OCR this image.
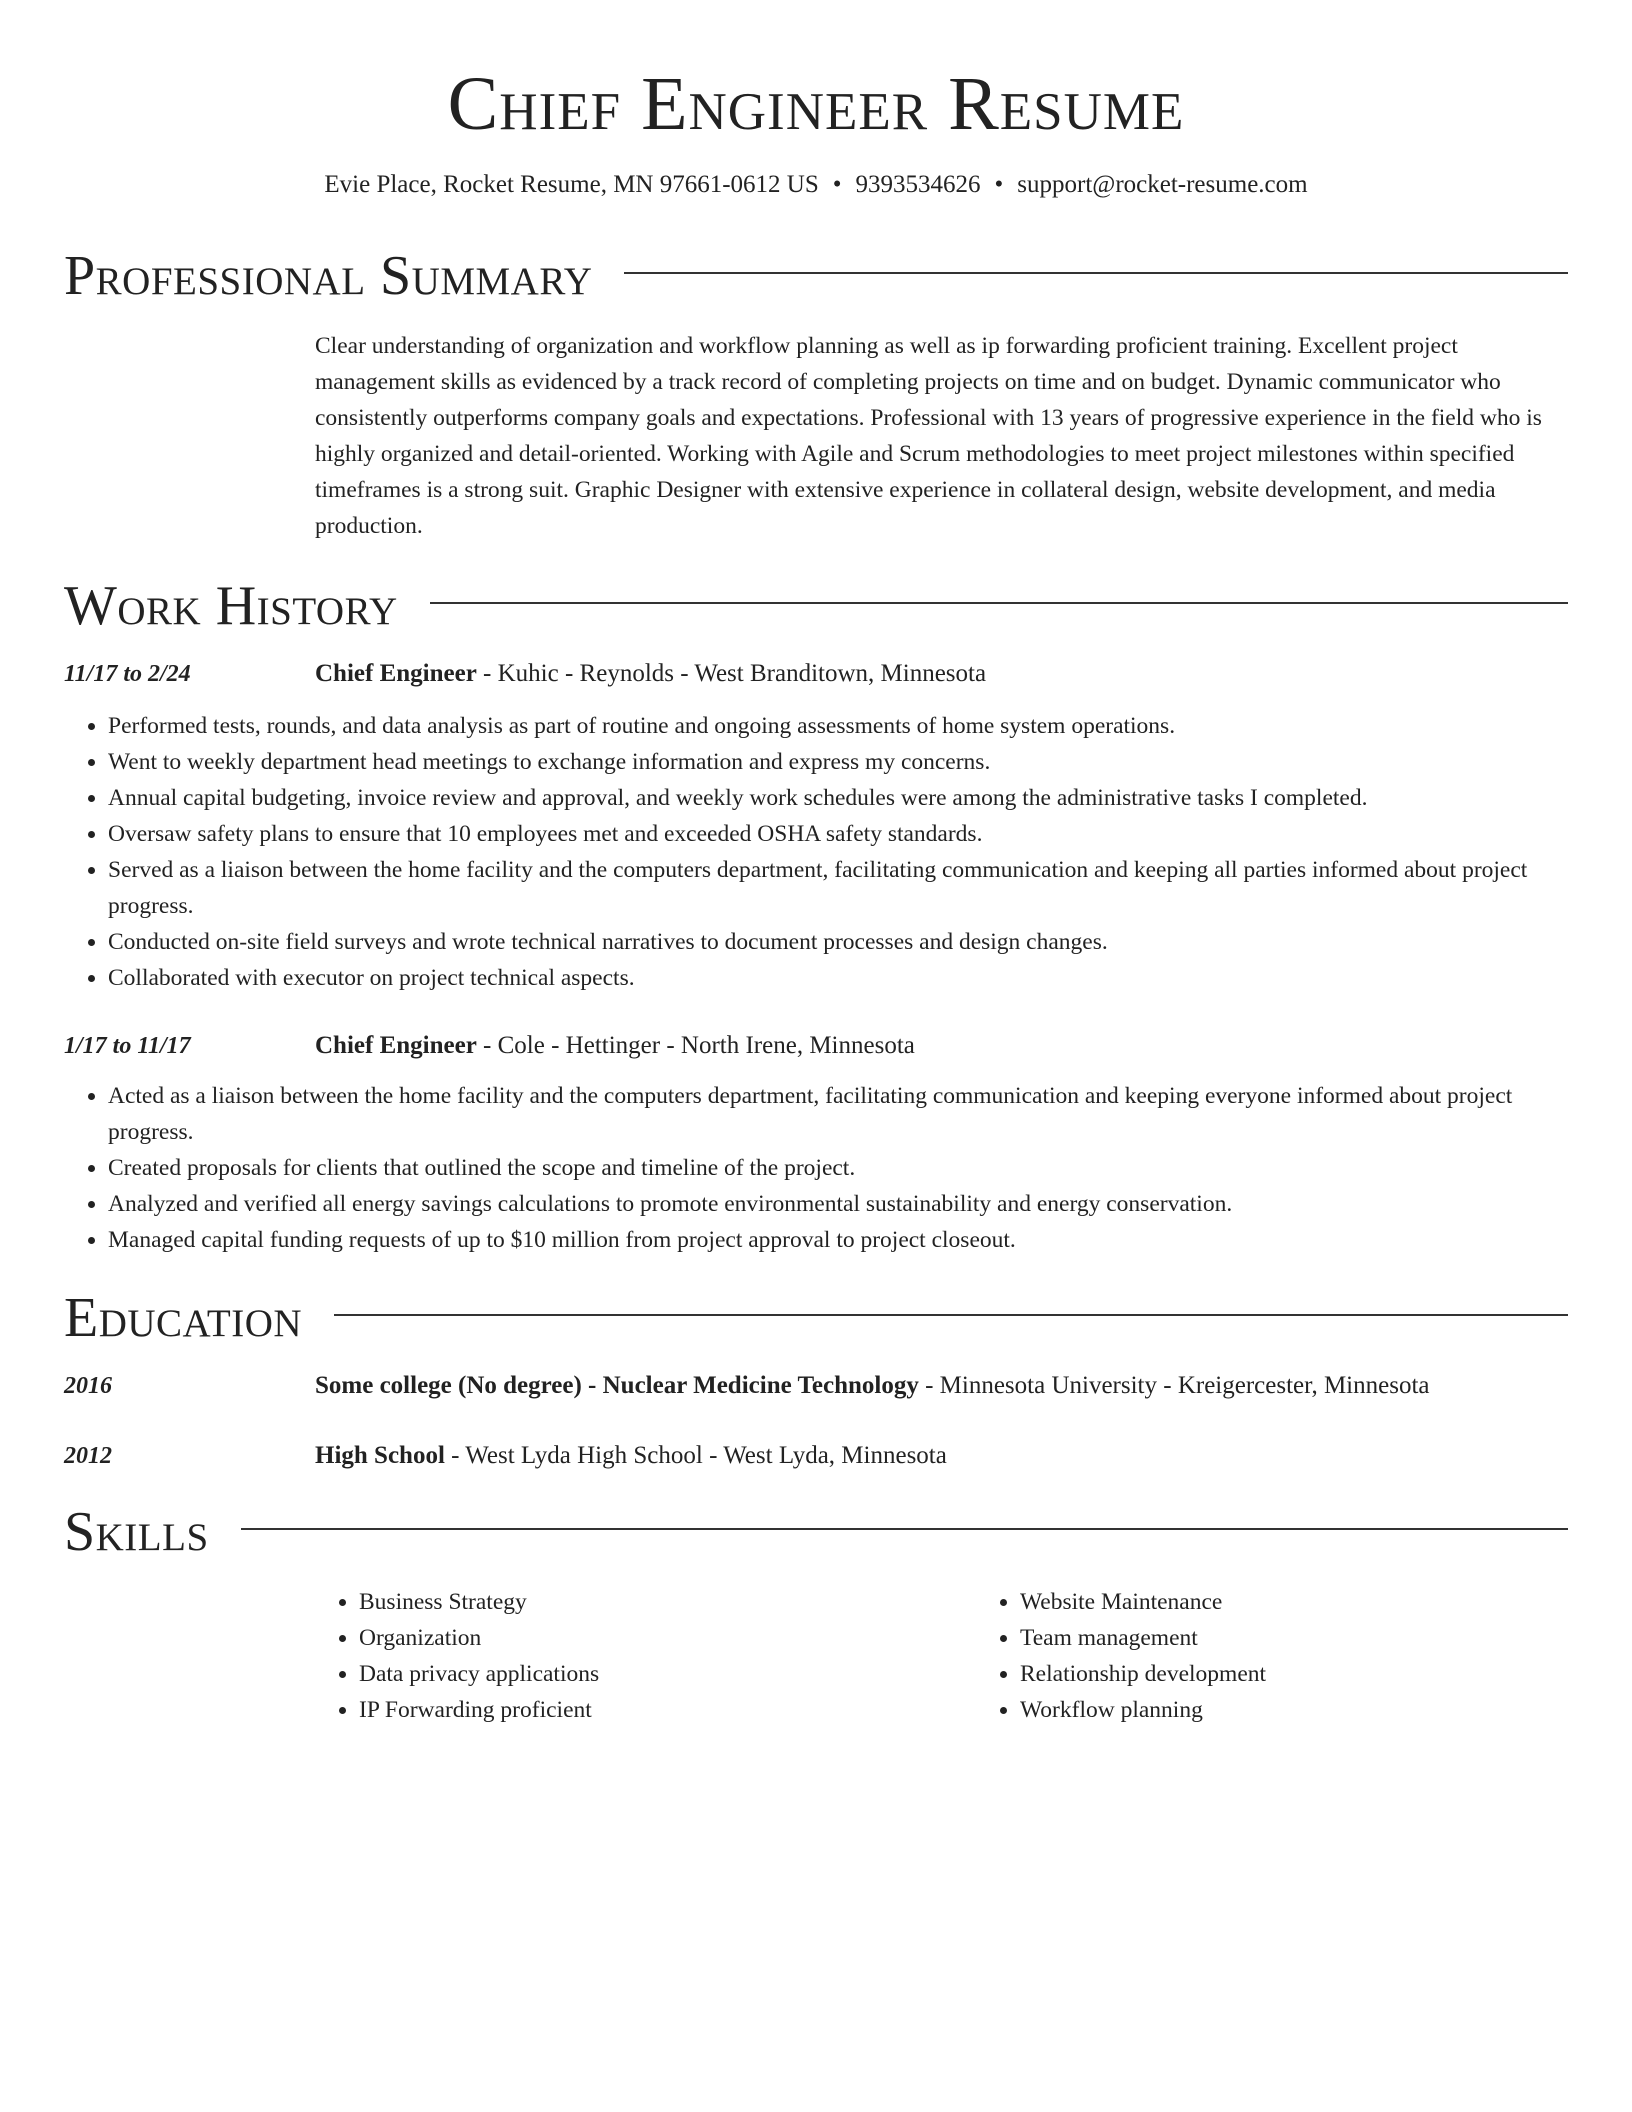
Chief Engineer Resume
Evie Place, Rocket Resume, MN 97661-0612 US • 9393534626 • support@rocket-resume.com
Professional Summary
Clear understanding of organization and workflow planning as well as ip forwarding proficient training. Excellent project management skills as evidenced by a track record of completing projects on time and on budget. Dynamic communicator who consistently outperforms company goals and expectations. Professional with 13 years of progressive experience in the field who is highly organized and detail-oriented. Working with Agile and Scrum methodologies to meet project milestones within specified timeframes is a strong suit. Graphic Designer with extensive experience in collateral design, website development, and media production.
Work History
11/17 to 2/24	Chief Engineer - Kuhic - Reynolds - West Branditown, Minnesota
• Performed tests, rounds, and data analysis as part of routine and ongoing assessments of home system operations.
• Went to weekly department head meetings to exchange information and express my concerns.
• Annual capital budgeting, invoice review and approval, and weekly work schedules were among the administrative tasks I completed.
• Oversaw safety plans to ensure that 10 employees met and exceeded OSHA safety standards.
• Served as a liaison between the home facility and the computers department, facilitating communication and keeping all parties informed about project progress.
• Conducted on-site field surveys and wrote technical narratives to document processes and design changes.
• Collaborated with executor on project technical aspects.
1/17 to 11/17	Chief Engineer - Cole - Hettinger - North Irene, Minnesota
• Acted as a liaison between the home facility and the computers department, facilitating communication and keeping everyone informed about project progress.
• Created proposals for clients that outlined the scope and timeline of the project.
• Analyzed and verified all energy savings calculations to promote environmental sustainability and energy conservation.
• Managed capital funding requests of up to $10 million from project approval to project closeout.
Education
2016	Some college (No degree) - Nuclear Medicine Technology - Minnesota University - Kreigercester, Minnesota
2012	High School - West Lyda High School - West Lyda, Minnesota
Skills
• Business Strategy
• Organization
• Data privacy applications
• IP Forwarding proficient
• Website Maintenance
• Team management
• Relationship development
• Workflow planning
